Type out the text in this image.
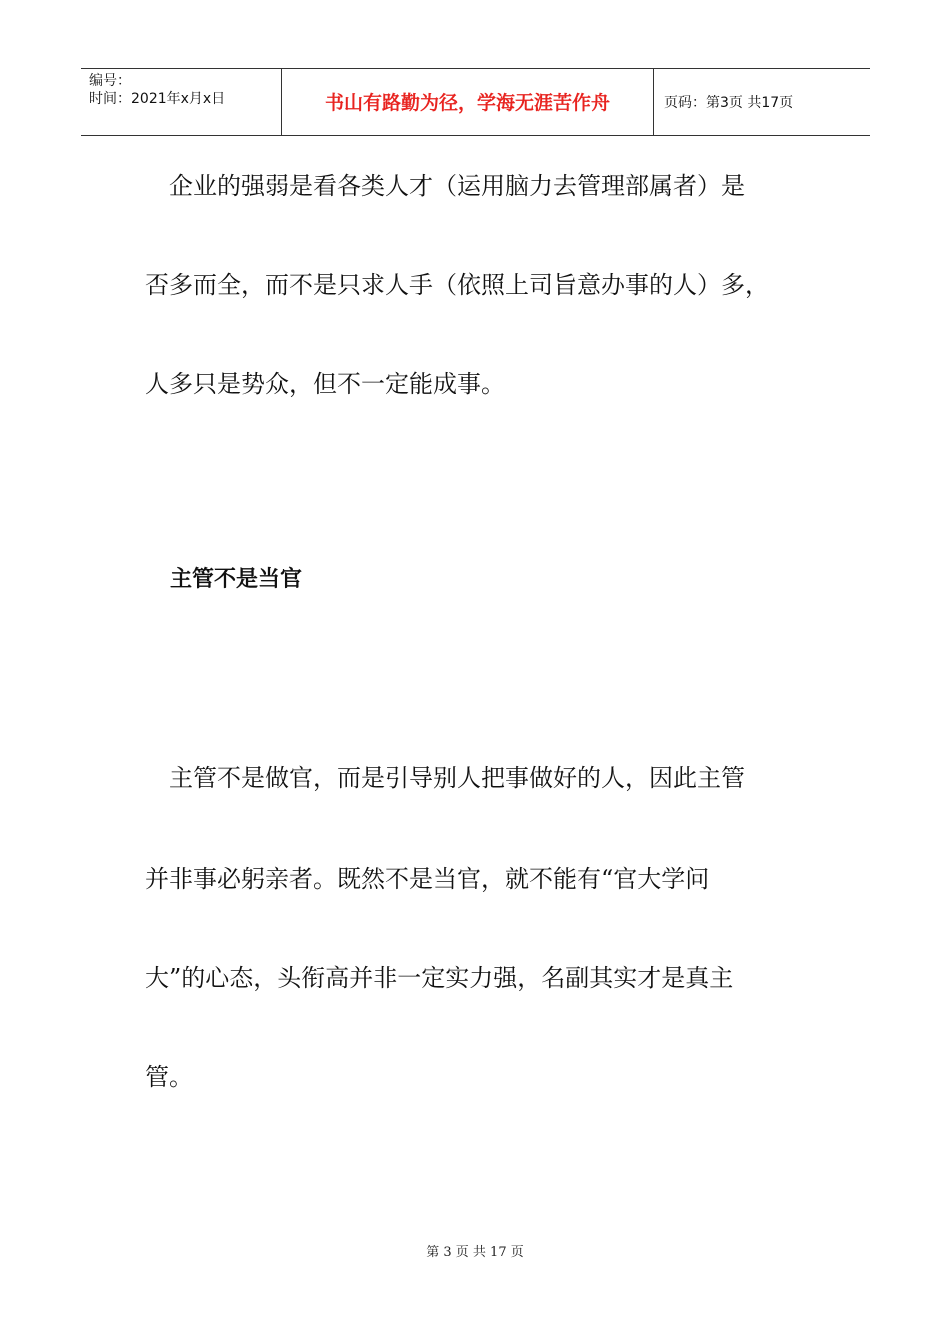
编号：
时间：2021年x月x日	书山有路勤为径，学海无涯苦作舟	页码：第3页 共17页
　企业的强弱是看各类人才（运用脑力去管理部属者）是
否多而全，而不是只求人手（依照上司旨意办事的人）多，
人多只是势众，但不一定能成事。
主管不是当官
　主管不是做官，而是引导别人把事做好的人，因此主管
并非事必躬亲者。既然不是当官，就不能有“官大学问
大”的心态，头衔高并非一定实力强，名副其实才是真主
管。
第 3 页 共 17 页
